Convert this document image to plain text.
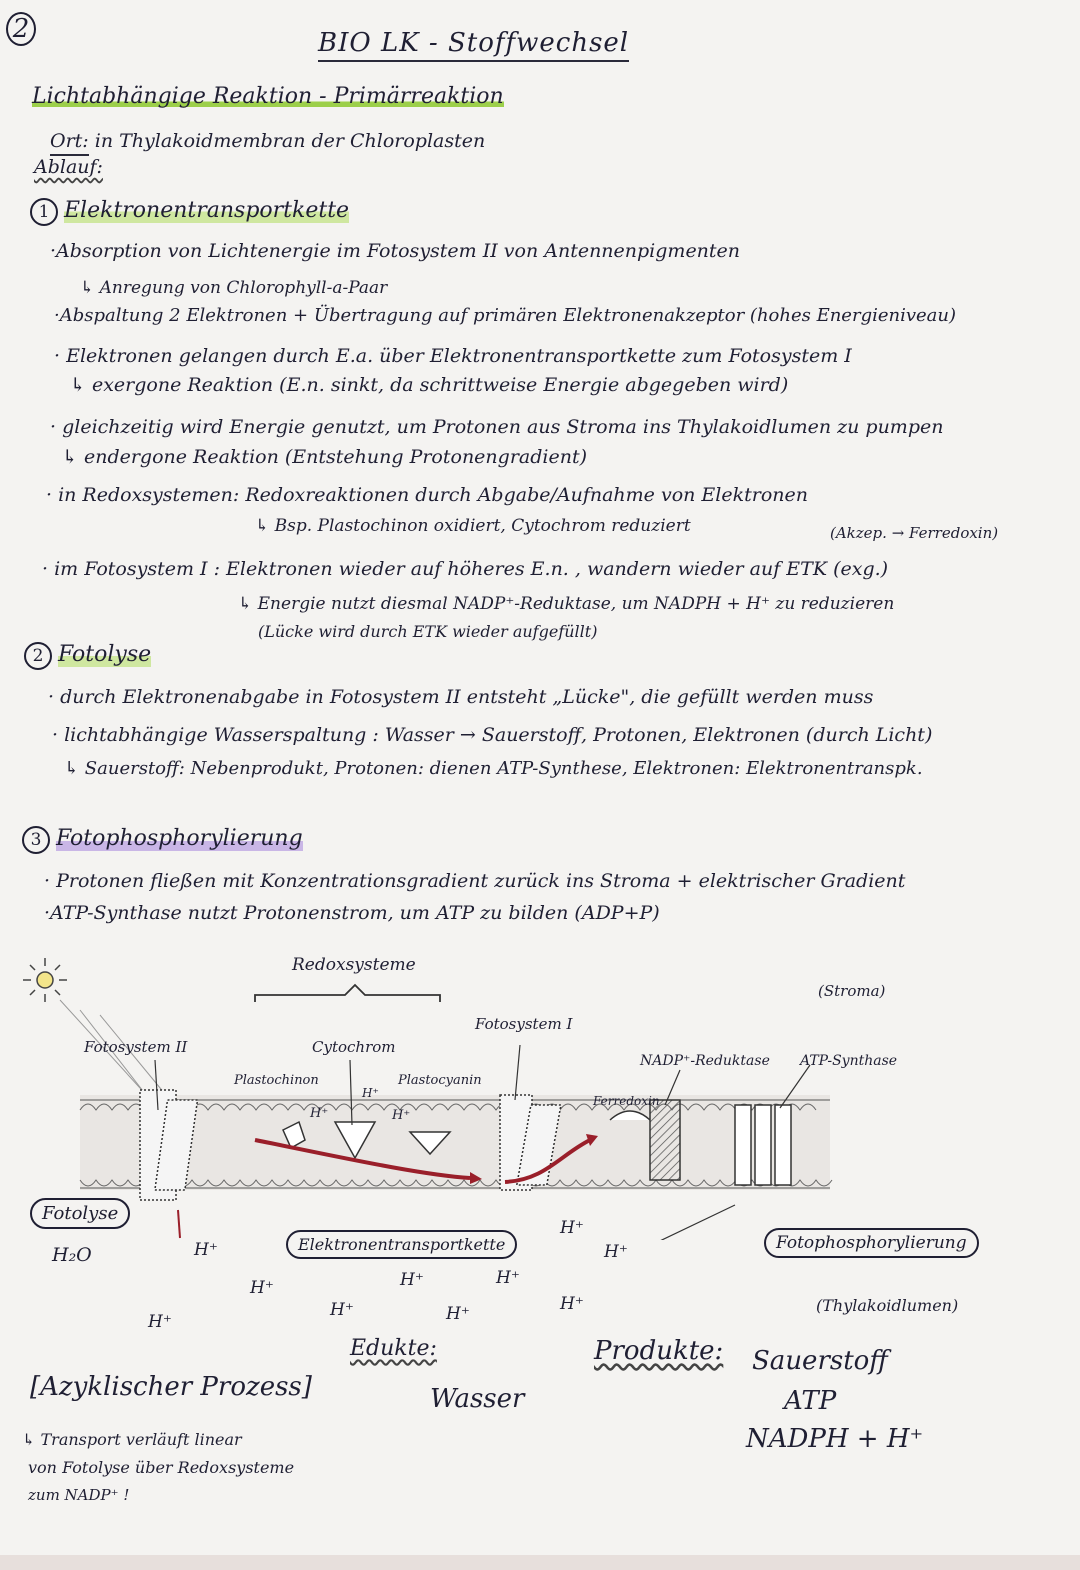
2	BIO LK - Stoffwechsel
Lichtabhängige Reaktion - Primärreaktion
Ort: in Thylakoidmembran der Chloroplasten
Ablauf:
1 Elektronentransportkette
·Absorption von Lichtenergie im Fotosystem II von Antennenpigmenten
↳ Anregung von Chlorophyll-a-Paar
·Abspaltung 2 Elektronen + Übertragung auf primären Elektronenakzeptor (hohes Energieniveau)
· Elektronen gelangen durch E.a. über Elektronentransportkette zum Fotosystem I
↳ exergone Reaktion (E.n. sinkt, da schrittweise Energie abgegeben wird)
· gleichzeitig wird Energie genutzt, um Protonen aus Stroma ins Thylakoidlumen zu pumpen
↳ endergone Reaktion (Entstehung Protonengradient)
· in Redoxsystemen: Redoxreaktionen durch Abgabe/Aufnahme von Elektronen
↳ Bsp. Plastochinon oxidiert, Cytochrom reduziert	(Akzep. → Ferredoxin)
· im Fotosystem I : Elektronen wieder auf höheres E.n. , wandern wieder auf ETK (exg.)
↳ Energie nutzt diesmal NADP⁺-Reduktase, um NADPH + H⁺ zu reduzieren
(Lücke wird durch ETK wieder aufgefüllt)
2 Fotolyse
· durch Elektronenabgabe in Fotosystem II entsteht „Lücke", die gefüllt werden muss
· lichtabhängige Wasserspaltung : Wasser → Sauerstoff, Protonen, Elektronen (durch Licht)
↳ Sauerstoff: Nebenprodukt, Protonen: dienen ATP-Synthese, Elektronen: Elektronentranspk.
3 Fotophosphorylierung
· Protonen fließen mit Konzentrationsgradient zurück ins Stroma + elektrischer Gradient
·ATP-Synthase nutzt Protonenstrom, um ATP zu bilden (ADP+P)
Redoxsysteme
(Stroma)
Fotosystem II	Cytochrom
Fotosystem I
NADP⁺-Reduktase ATP-Synthase
Plastochinon	Plastocyanin
Ferredoxin
H⁺
H⁺
H⁺
Fotolyse
H₂O	H⁺	Elektronentransportkette
H⁺
H⁺	Fotophosphorylierung
H⁺	H⁺	H⁺
H⁺
H⁺	H⁺	H⁺	(Thylakoidlumen)
Edukte:
Wasser
Produkte: Sauerstoff
ATP
NADPH + H⁺
[Azyklischer Prozess]
↳ Transport verläuft linear
von Fotolyse über Redoxsysteme
zum NADP⁺ !
